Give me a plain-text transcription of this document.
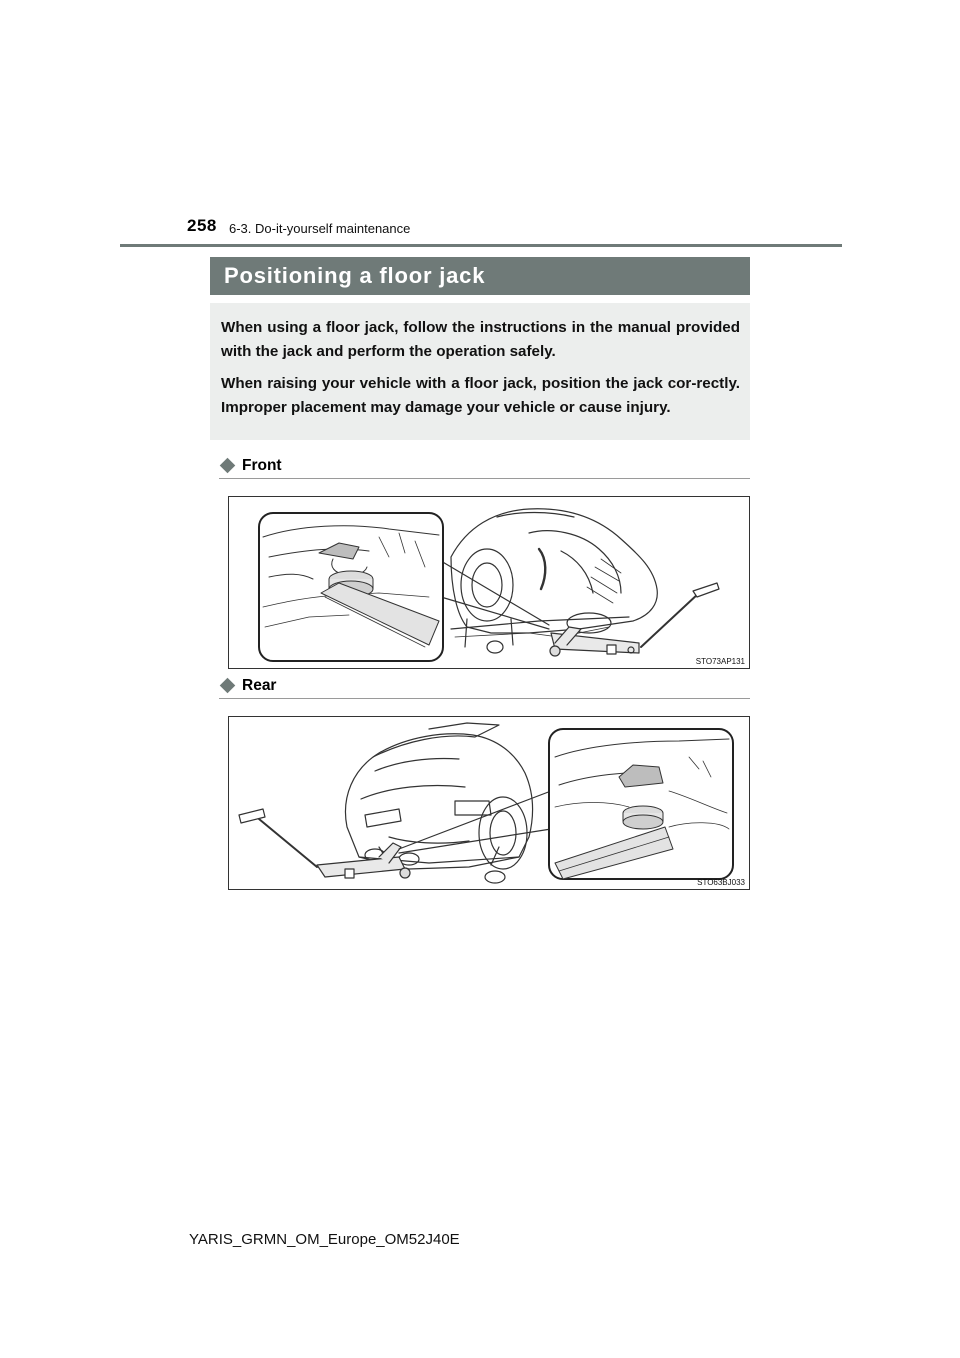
258 6-3. Do-it-yourself maintenance
Positioning a floor jack

When using a floor jack, follow the instructions in the manual provided with the jack and perform the operation safely.

When raising your vehicle with a floor jack, position the jack cor-rectly. Improper placement may damage your vehicle or cause injury.

Front
STO73AP131
Rear
STO63BJ033
YARIS_GRMN_OM_Europe_OM52J40E
